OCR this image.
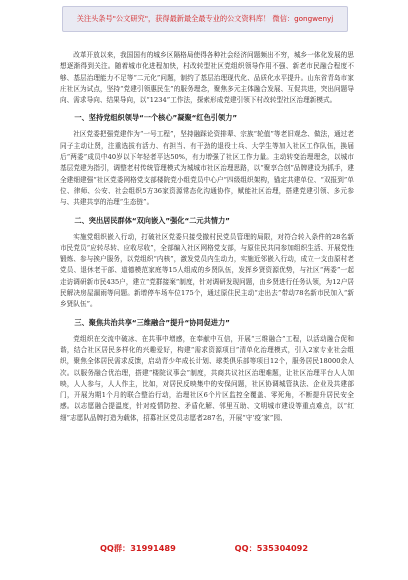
关注头条号"公文研究"，获得最新最全最专业的公文资料库！ 微信：gongwenyj

改革开放以来，我国国有的城乡区隔格局使得各种社会经济问题频出不穷，城乡一体化发展的思想逐渐得到关注。随着城市化进程加快，村改转型社区党组织领导作用不强、新老市民融合程度不够、基层治理能力不足等“二元化”问题，制约了基层治理现代化、品质化水平提升。山东省青岛市家庄社区为试点，坚持“党建引领惠民生”的服务理念，聚焦多元主体融合发展、互促共进，突出问题导向、需求导向、结果导向，以“1234”工作法，探索形成党建引领下村改转型社区治理新模式。

一、坚持党组织领导“一个核心”凝聚“红色引领力”

社区党委把强党建作为“一号工程”，坚持融踩论资排辈、宗族“轮值”等老旧观念、做法，通过老同子主动让贤，注重选拔有活力、有担当、有干劲的退役士兵、大学生等加入社区工作队伍，换届后“两委”成员中40岁以下年轻者平达50%，有力增强了社区工作力量。主动转变治理理念，以城市基层党建为指引，调整老村传统管理模式为城城市社区治理思路，以“聚享合创”品牌建设为抓手，建全建细建强“社区党委网格党支部楼院党小组党员中心户”四级组织架构，锚定共建单位、“双报到”单位、律师、公安、社会组织5方36家资源常态化沟通协作，赋能社区治理，搭建党建引领、多元参与、共建共享的治理“生态链”。

二、突出居民群体“双向嵌入”强化“二元共情力”

实施党组织嵌入行动，打破社区党委只接受撤村民党员管理的局限，对符合转入条件的28名新市民党员“应转尽转、应收尽收”，全部编入社区网格党支部，与原住民共同参加组织生活、开展党性锻炼、参与挨户服务，以党组织“内核”，激发党员内生动力，实施近邻嵌入行动，成立一支由原村老党员、退休老干部、道德模范家庭等15人组成的乡贤队伍，发挥乡贤资源优势，与社区“两委”一起走访调研新市民435户，建立“党群接案”制度，针对调研发现问题，由乡贤进行任务认领，为12户居民解决房屋漏雨等问题。新增停车场车位175个，通过原住民主动“走出去”带动78名新市民加入“新乡贤队伍”。

三、聚焦共治共享“三维融合”提升“协同促进力”

党组织在交流中破冰、在共事中增感，在奉献中互信，开展“三维融合”工程，以活动融合促和谐，结合社区居民多样化的兴趣爱好，构建“需求资源项目”清单化治理模式，引入2家专业社会组织，聚焦全体居民需求反馈，启动青少年成长计划、球类俱乐部等项目12个，服务居民18000余人次。以服务融合优治理，搭建“楼院议事会”制度，共商共议社区治理难题，让社区治理平台人人加映，人人参与，人人作主，比如，对居民反映集中的安保问题，社区协调城管执法、企业及共建部门，开展为期1个月的联合整治行动，治理社区6个片区监控全覆盖、零死角，不断提升居民安全感。以志愿融合提温度，针对疫情防控、矛盾化解、邻里互助、文明城市建设等重点难点，以“红细”志愿队品牌打造为载体，招募社区党员志愿者287名，开展“守‘疫’家”园、

QQ群：31991489	QQ：535304092
